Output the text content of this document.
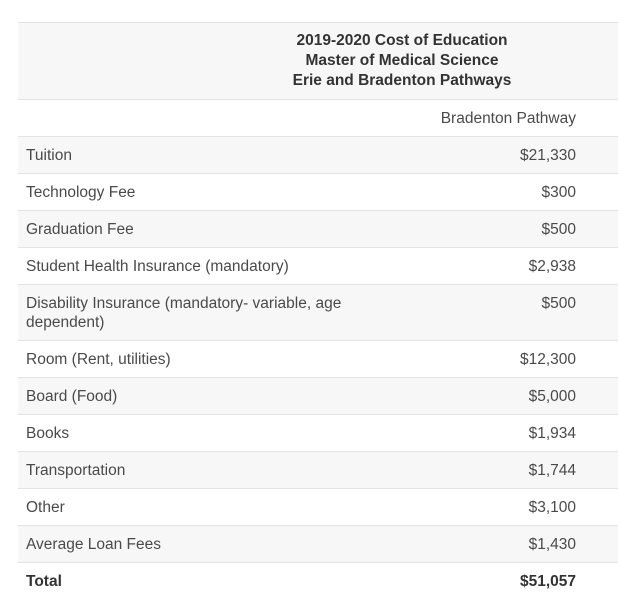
2019-2020 Cost of Education
Master of Medical Science
Erie and Bradenton Pathways	

	Bradenton Pathway
Tuition	$21,330
Technology Fee	$300
Graduation Fee	$500
Student Health Insurance (mandatory)	$2,938
Disability Insurance (mandatory- variable, age dependent)	$500
Room (Rent, utilities)	$12,300
Board (Food)	$5,000
Books	$1,934
Transportation	$1,744
Other	$3,100
Average Loan Fees	$1,430
Total	$51,057
